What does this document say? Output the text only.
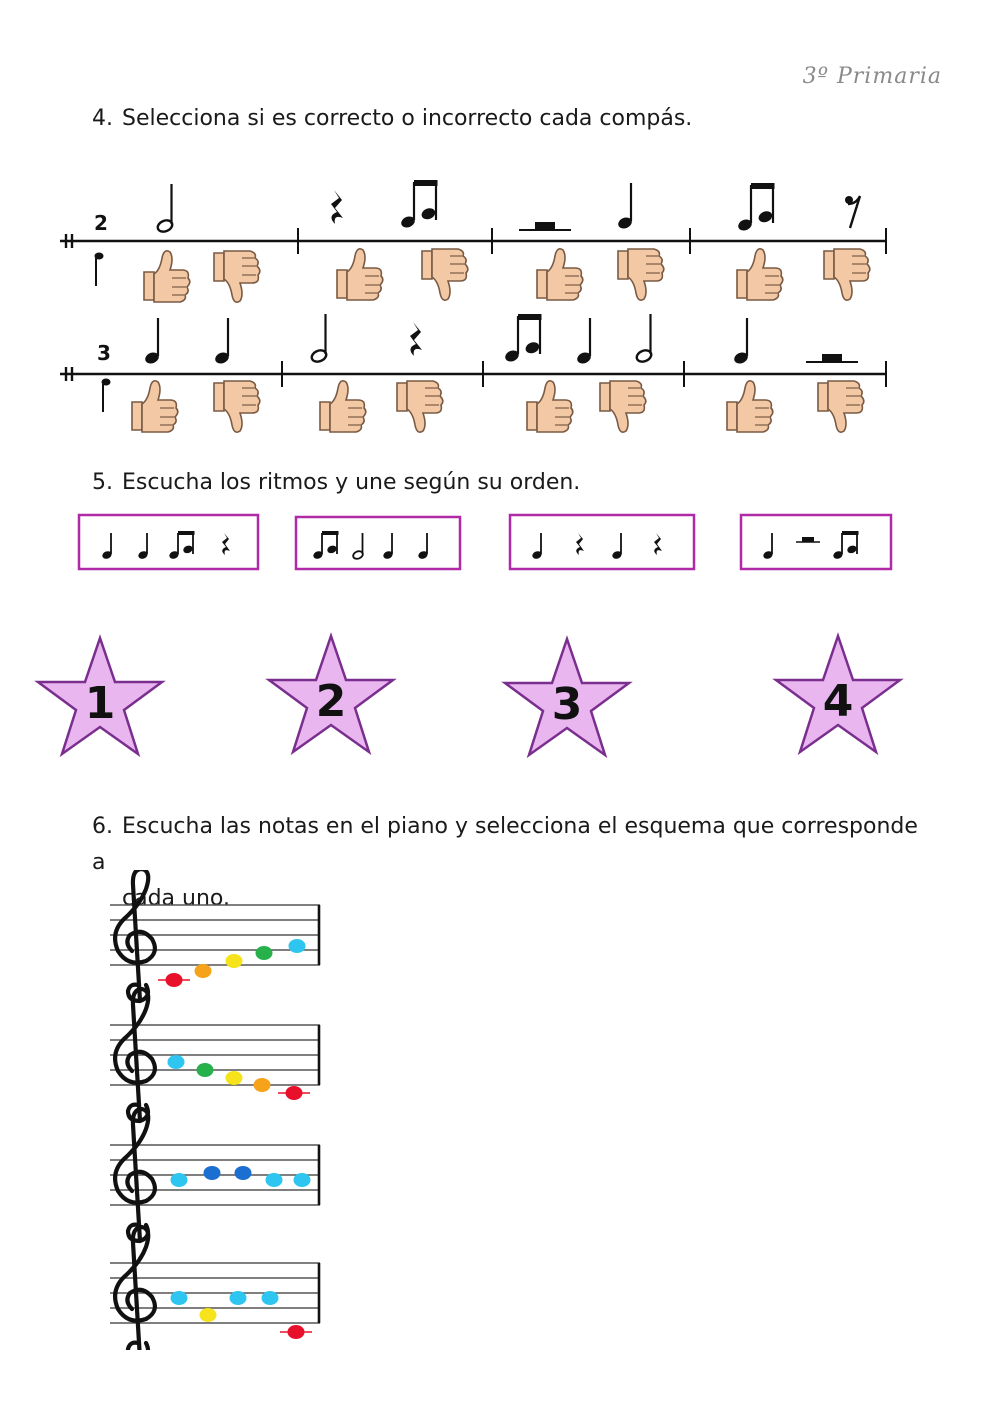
3º Primaria
4. Selecciona si es correcto o incorrecto cada compás.
2
3
5. Escucha los ritmos y une según su orden.
1	2	3	4
6. Escucha las notas en el piano y selecciona el esquema que corresponde a
cada uno.
